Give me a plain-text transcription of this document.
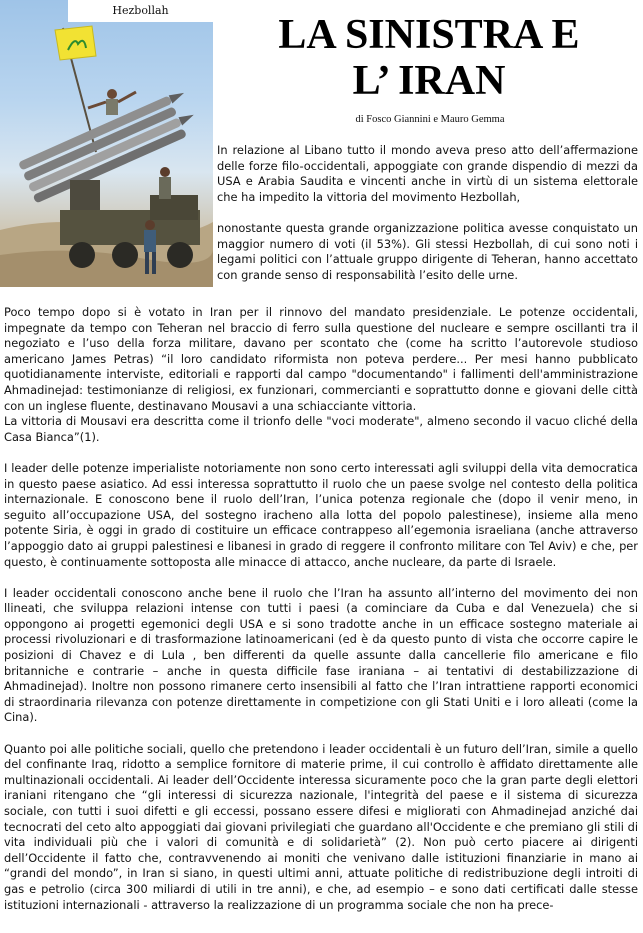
Hezbollah
LA SINISTRA E
L’ IRAN
di Fosco Giannini e Mauro Gemma

In relazione al Libano tutto il mondo aveva preso atto dell’affermazione delle forze filo-occidentali, appoggiate con grande dispendio di mezzi da USA e Arabia Saudita e vincenti anche in virtù di un sistema elettorale che ha impedito la vittoria del movimento Hezbollah,

nonostante questa grande organizzazione politica avesse conquistato un maggior numero di voti (il 53%). Gli stessi Hezbollah, di cui sono noti i legami politici con l’attuale gruppo dirigente di Teheran, hanno accettato con grande senso di responsabilità l’esito delle urne.

Poco tempo dopo si è votato in Iran per il rinnovo del mandato presidenziale. Le potenze occidentali, impegnate da tempo con Teheran nel braccio di ferro sulla questione del nucleare e sempre oscillanti tra il negoziato e l’uso della forza militare, davano per scontato che (come ha scritto l’autorevole studioso americano James Petras) “il loro candidato riformista non poteva perdere... Per mesi hanno pubblicato quotidianamente interviste, editoriali e rapporti dal campo "documentando" i fallimenti dell'amministrazione Ahmadinejad: testimonianze di religiosi, ex funzionari, commercianti e soprattutto donne e giovani delle città con un inglese fluente, destinavano Mousavi a una schiacciante vittoria.

La vittoria di Mousavi era descritta come il trionfo delle "voci moderate", almeno secondo il vacuo cliché della Casa Bianca”(1).

I leader delle potenze imperialiste notoriamente non sono certo interessati agli sviluppi della vita democratica in questo paese asiatico. Ad essi interessa soprattutto il ruolo che un paese svolge nel contesto della politica internazionale. E conoscono bene il ruolo dell’Iran, l’unica potenza regionale che (dopo il venir meno, in seguito all’occupazione USA, del sostegno iracheno alla lotta del popolo palestinese), insieme alla meno potente Siria, è oggi in grado di costituire un efficace contrappeso all’egemonia israeliana (anche attraverso l’appoggio dato ai gruppi palestinesi e libanesi in grado di reggere il confronto militare con Tel Aviv) e che, per questo, è continuamente sottoposta alle minacce di attacco, anche nucleare, da parte di Israele.

I leader occidentali conoscono anche bene il ruolo che l’Iran ha assunto all’interno del movimento dei non llineati, che sviluppa relazioni intense con tutti i paesi (a cominciare da Cuba e dal Venezuela) che si oppongono ai progetti egemonici degli USA e si sono tradotte anche in un efficace sostegno materiale ai processi rivoluzionari e di trasformazione latinoamericani (ed è da questo punto di vista che occorre capire le posizioni di Chavez e di Lula , ben differenti da quelle assunte dalla cancellerie filo americane e filo britanniche e contrarie – anche in questa difficile fase iraniana – ai tentativi di destabilizzazione di Ahmadinejad). Inoltre non possono rimanere certo insensibili al fatto che l’Iran intrattiene rapporti economici di straordinaria rilevanza con potenze direttamente in competizione con gli Stati Uniti e i loro alleati (come la Cina).

Quanto poi alle politiche sociali, quello che pretendono i leader occidentali è un futuro dell’Iran, simile a quello del confinante Iraq, ridotto a semplice fornitore di materie prime, il cui controllo è affidato direttamente alle multinazionali occidentali. Ai leader dell’Occidente interessa sicuramente poco che la gran parte degli elettori iraniani ritengano che “gli interessi di sicurezza nazionale, l'integrità del paese e il sistema di sicurezza sociale, con tutti i suoi difetti e gli eccessi, possano essere difesi e migliorati con Ahmadinejad anziché dai tecnocrati del ceto alto appoggiati dai giovani privilegiati che guardano all'Occidente e che premiano gli stili di vita individuali più che i valori di comunità e di solidarietà” (2). Non può certo piacere ai dirigenti dell’Occidente il fatto che, contravvenendo ai moniti che venivano dalle istituzioni finanziarie in mano ai “grandi del mondo”, in Iran si siano, in questi ultimi anni, attuate politiche di redistribuzione degli introiti di gas e petrolio (circa 300 miliardi di utili in tre anni), e che, ad esempio – e sono dati certificati dalle stesse istituzioni internazionali - attraverso la realizzazione di un programma sociale che non ha prece-
